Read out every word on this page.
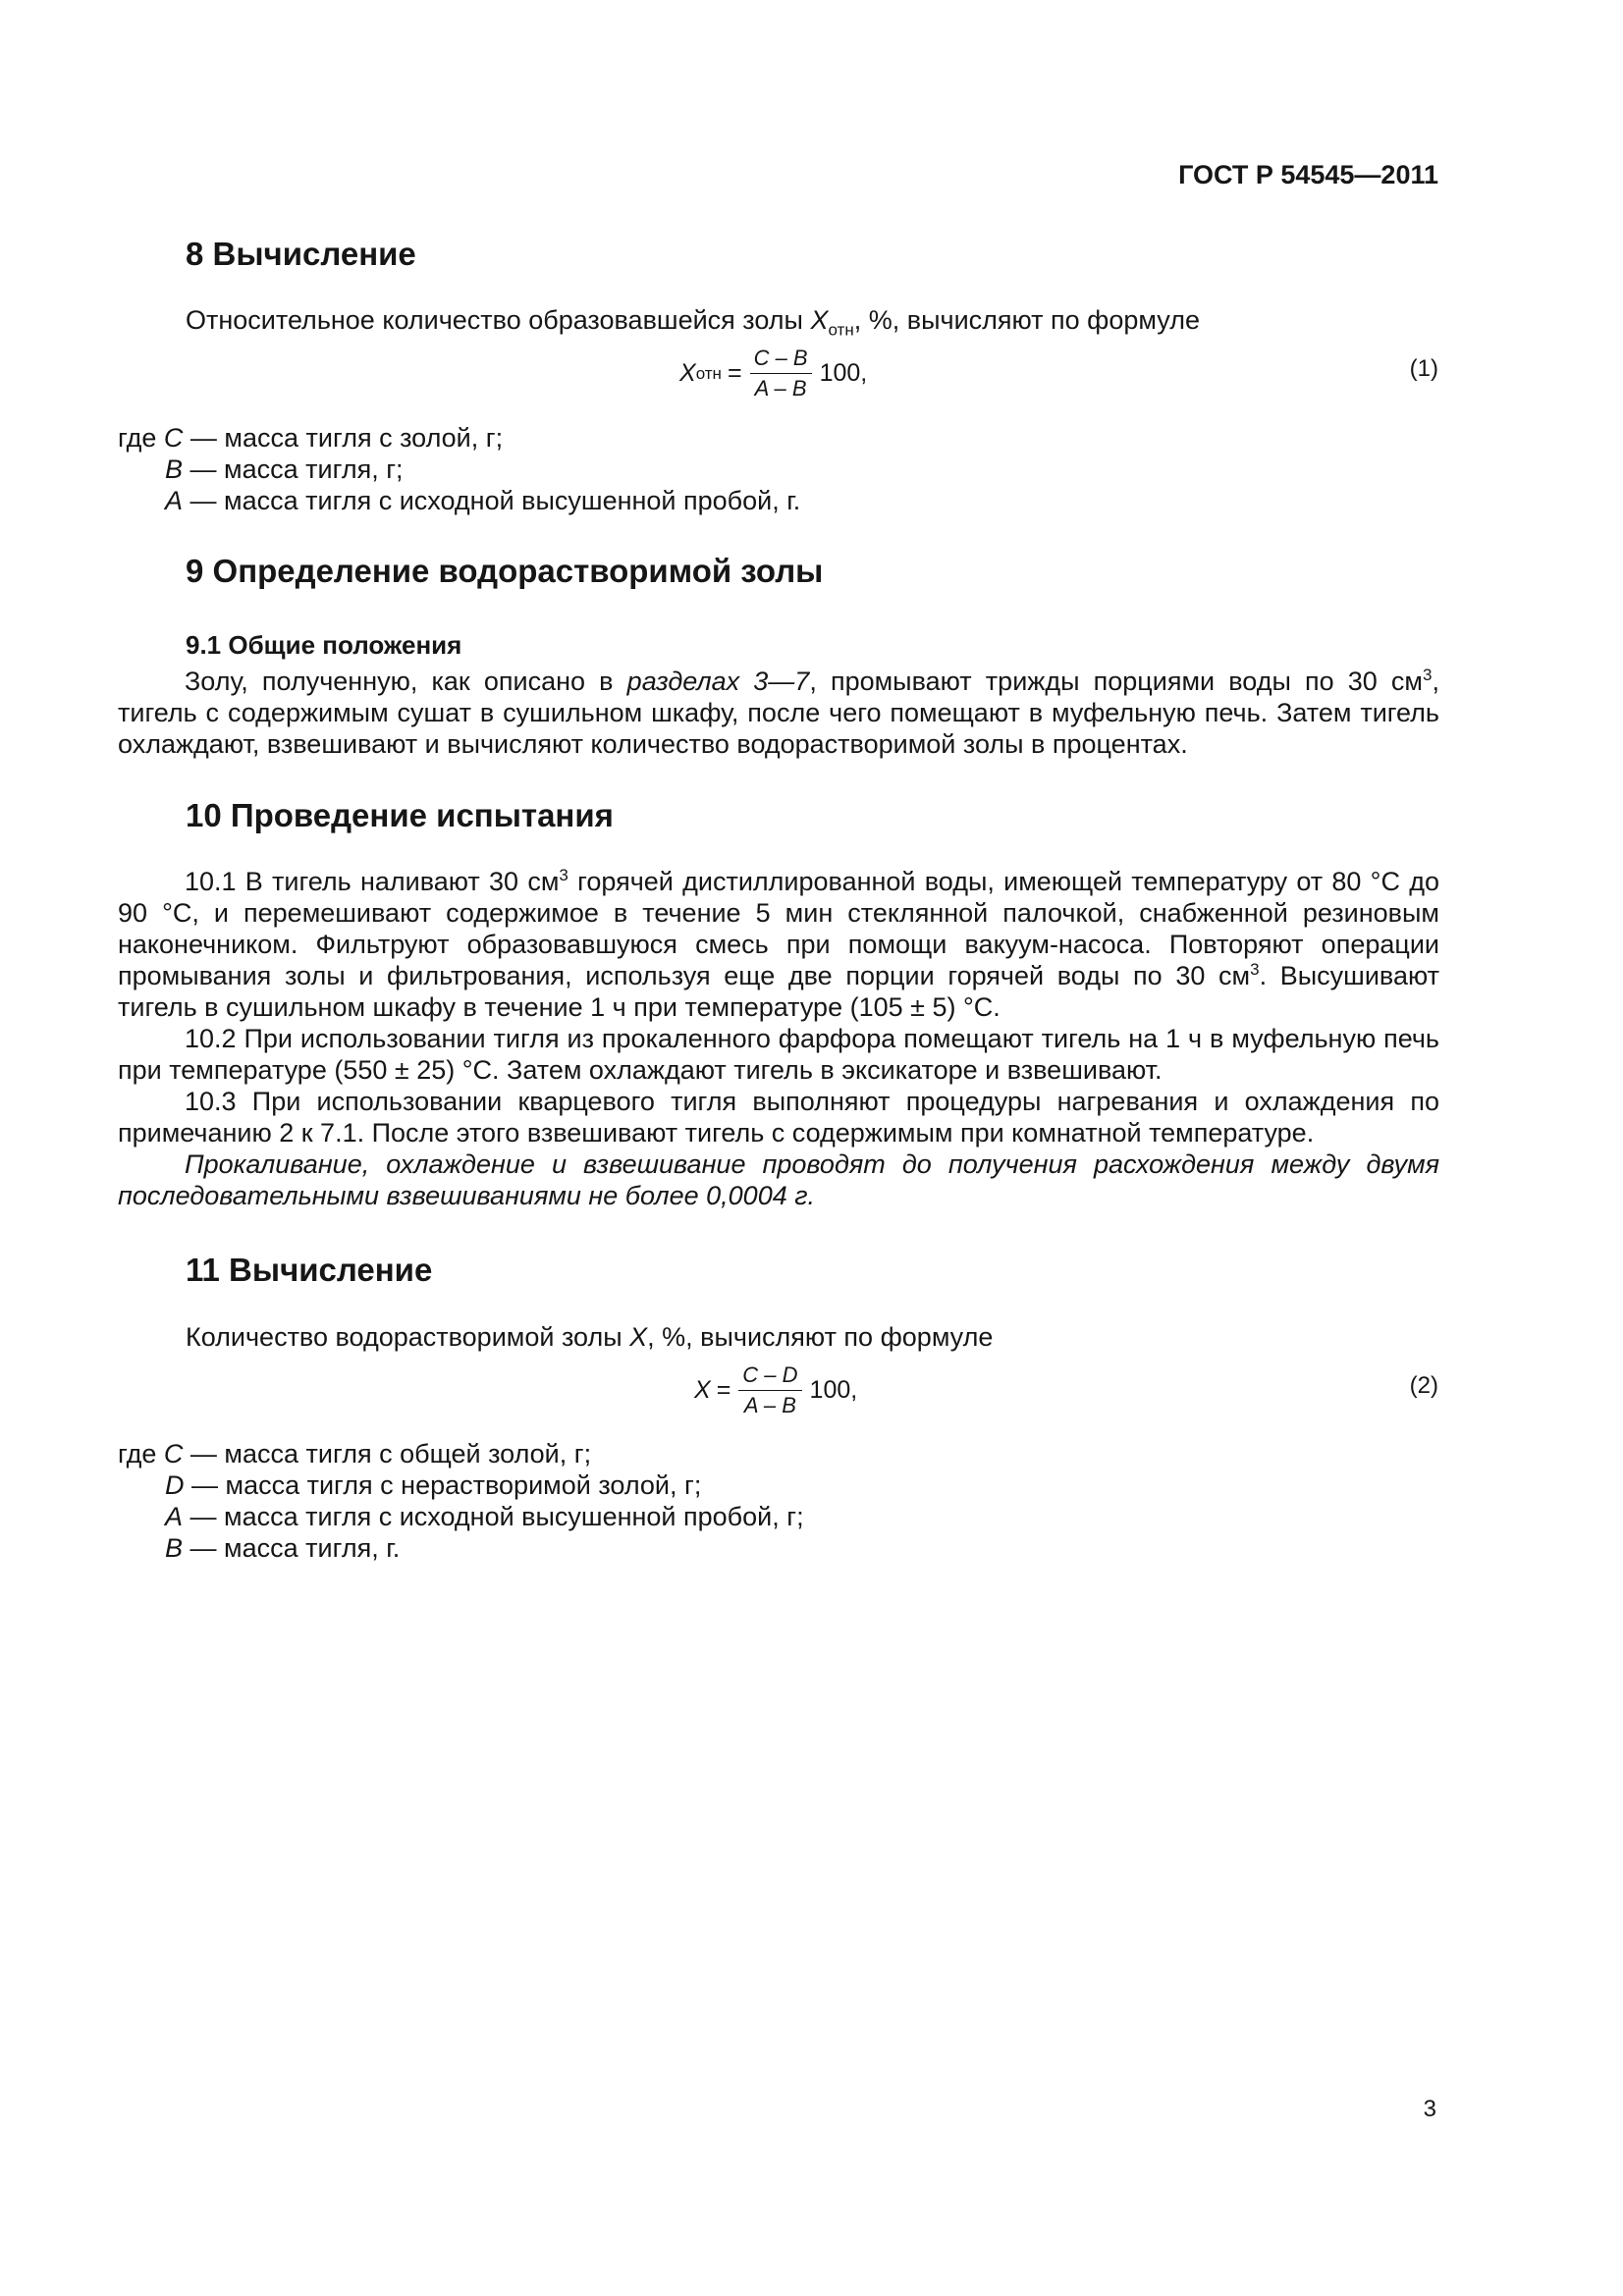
ГОСТ Р 54545—2011
8 Вычисление
Относительное количество образовавшейся золы $X_{отн}$, %, вычисляют по формуле
X отн = $\frac{C - B}{A - B} 100$,	(1)
где C — масса тигля с золой, г;
B — масса тигля, г;
A — масса тигля с исходной высушенной пробой, г.
9 Определение водорастворимой золы
9.1 Общие положения

Золу, полученную, как описано в разделах 3—7, промывают трижды порциями воды по 30 $см^3$, тигель с содержимым сушат в сушильном шкафу, после чего помещают в муфельную печь. Затем тигель охлаждают, взвешивают и вычисляют количество водорастворимой золы в процентах.

10 Проведение испытания

10.1 В тигель наливают 30 $см^3$ горячей дистиллированной воды, имеющей температуру от 80 °С до 90 °С, и перемешивают содержимое в течение 5 мин стеклянной палочкой, снабженной резиновым наконечником. Фильтруют образовавшуюся смесь при помощи вакуум-насоса. Повторяют операции промывания золы и фильтрования, используя еще две порции горячей воды по 30 $см^3$. Высушивают тигель в сушильном шкафу в течение 1 ч при температуре (105 ± 5) °С.

10.2 При использовании тигля из прокаленного фарфора помещают тигель на 1 ч в муфельную печь при температуре (550 ± 25) °С. Затем охлаждают тигель в эксикаторе и взвешивают.

10.3 При использовании кварцевого тигля выполняют процедуры нагревания и охлаждения по примечанию 2 к 7.1. После этого взвешивают тигель с содержимым при комнатной температуре.

Прокаливание, охлаждение и взвешивание проводят до получения расхождения между двумя последовательными взвешиваниями не более 0,0004 г.

11 Вычисление
Количество водорастворимой золы X, %, вычисляют по формуле
$X = \frac{C - D}{A - B} 100$,	(2)
где C — масса тигля с общей золой, г;
D — масса тигля с нерастворимой золой, г;
A — масса тигля с исходной высушенной пробой, г;
B — масса тигля, г.
3
